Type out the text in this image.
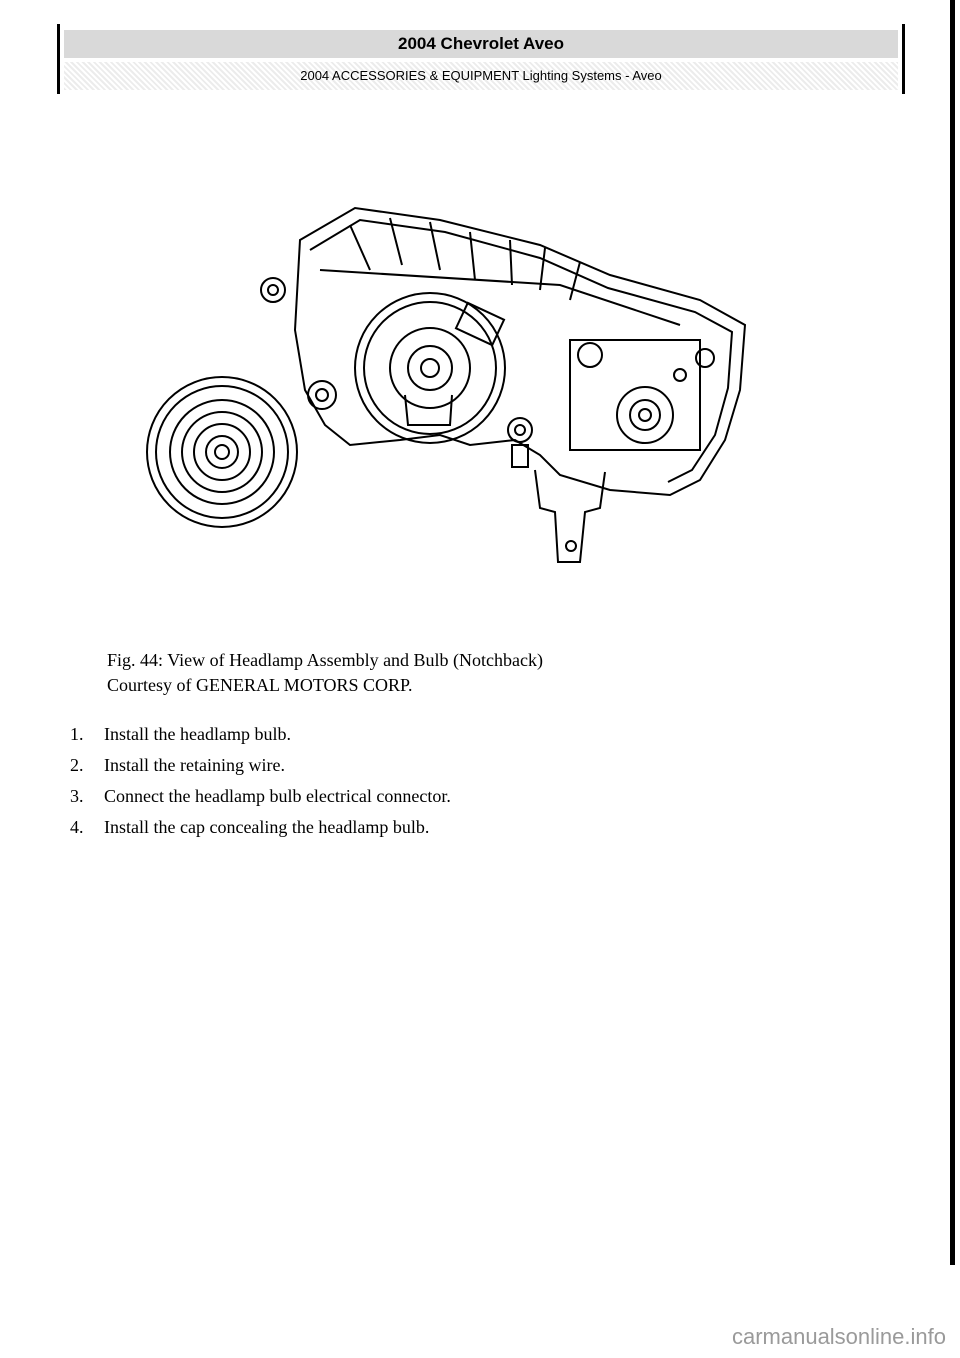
2004 Chevrolet Aveo
2004 ACCESSORIES & EQUIPMENT Lighting Systems - Aveo
Fig. 44: View of Headlamp Assembly and Bulb (Notchback)
Courtesy of GENERAL MOTORS CORP.
1. Install the headlamp bulb.
2. Install the retaining wire.
3. Connect the headlamp bulb electrical connector.
4. Install the cap concealing the headlamp bulb.
carmanualsonline.info
